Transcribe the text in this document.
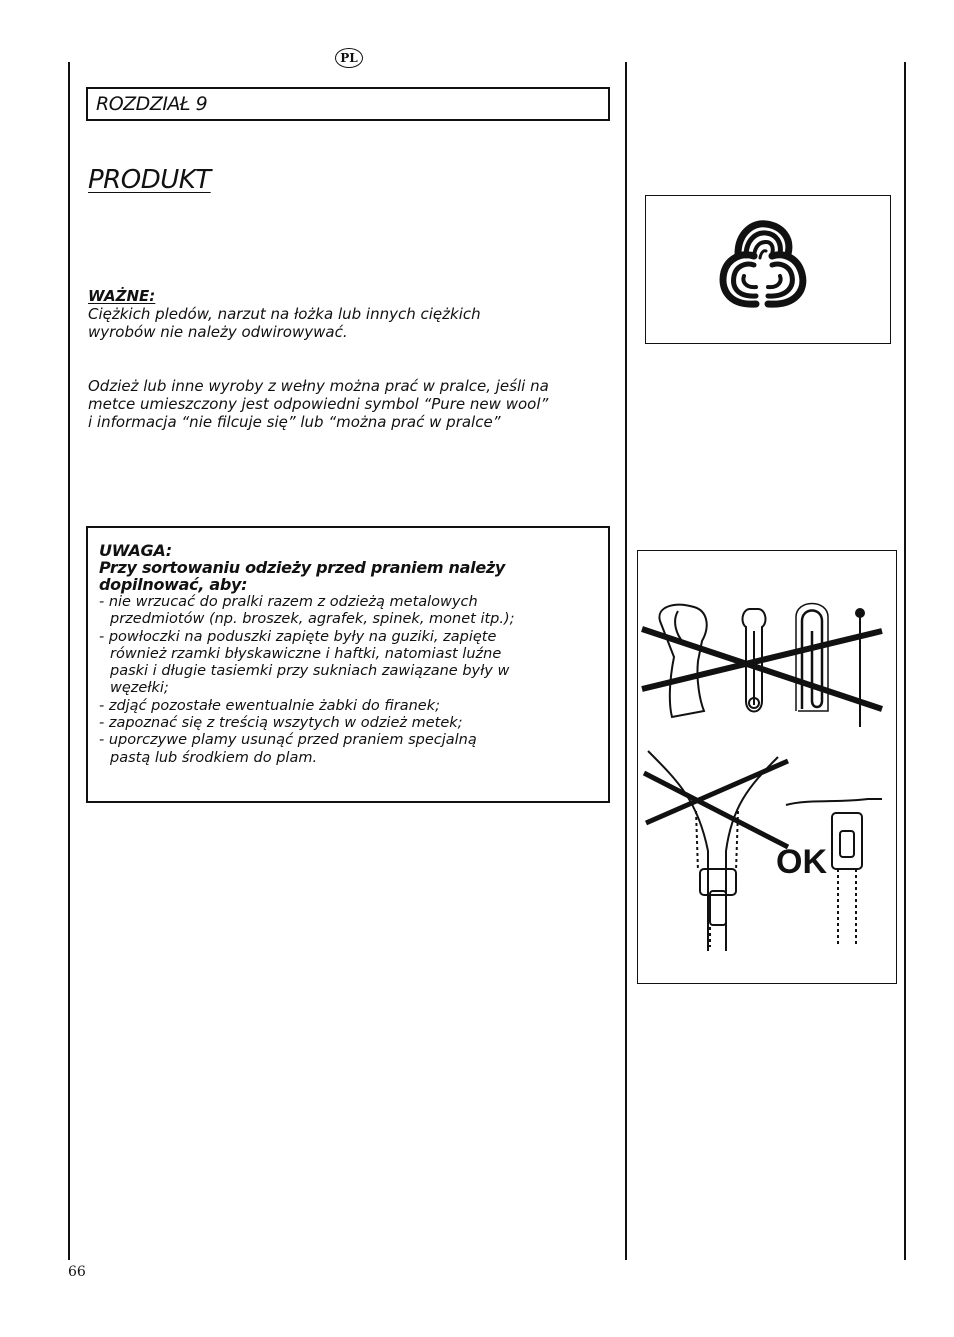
PL
ROZDZIAŁ 9
PRODUKT
WAŻNE:
Ciężkich pledów, narzut na łożka lub innych ciężkich
wyrobów nie należy odwirowywać.
Odzież lub inne wyroby z wełny można prać w pralce, jeśli na
metce umieszczony jest odpowiedni symbol “Pure new wool”
i informacja “nie filcuje się” lub “można prać w pralce”
UWAGA:
Przy sortowaniu odzieży przed praniem należy
dopilnować, aby:
- nie wrzucać do pralki razem z odzieżą metalowych
przedmiotów (np. broszek, agrafek, spinek, monet itp.);
- powłoczki na poduszki zapięte były na guziki, zapięte
również rzamki błyskawiczne i haftki, natomiast luźne
paski i długie tasiemki przy sukniach zawiązane były w
węzełki;
- zdjąć pozostałe ewentualnie żabki do firanek;
- zapoznać się z treścią wszytych w odzież metek;
- uporczywe plamy usunąć przed praniem specjalną
pastą lub środkiem do plam.
OK
66
